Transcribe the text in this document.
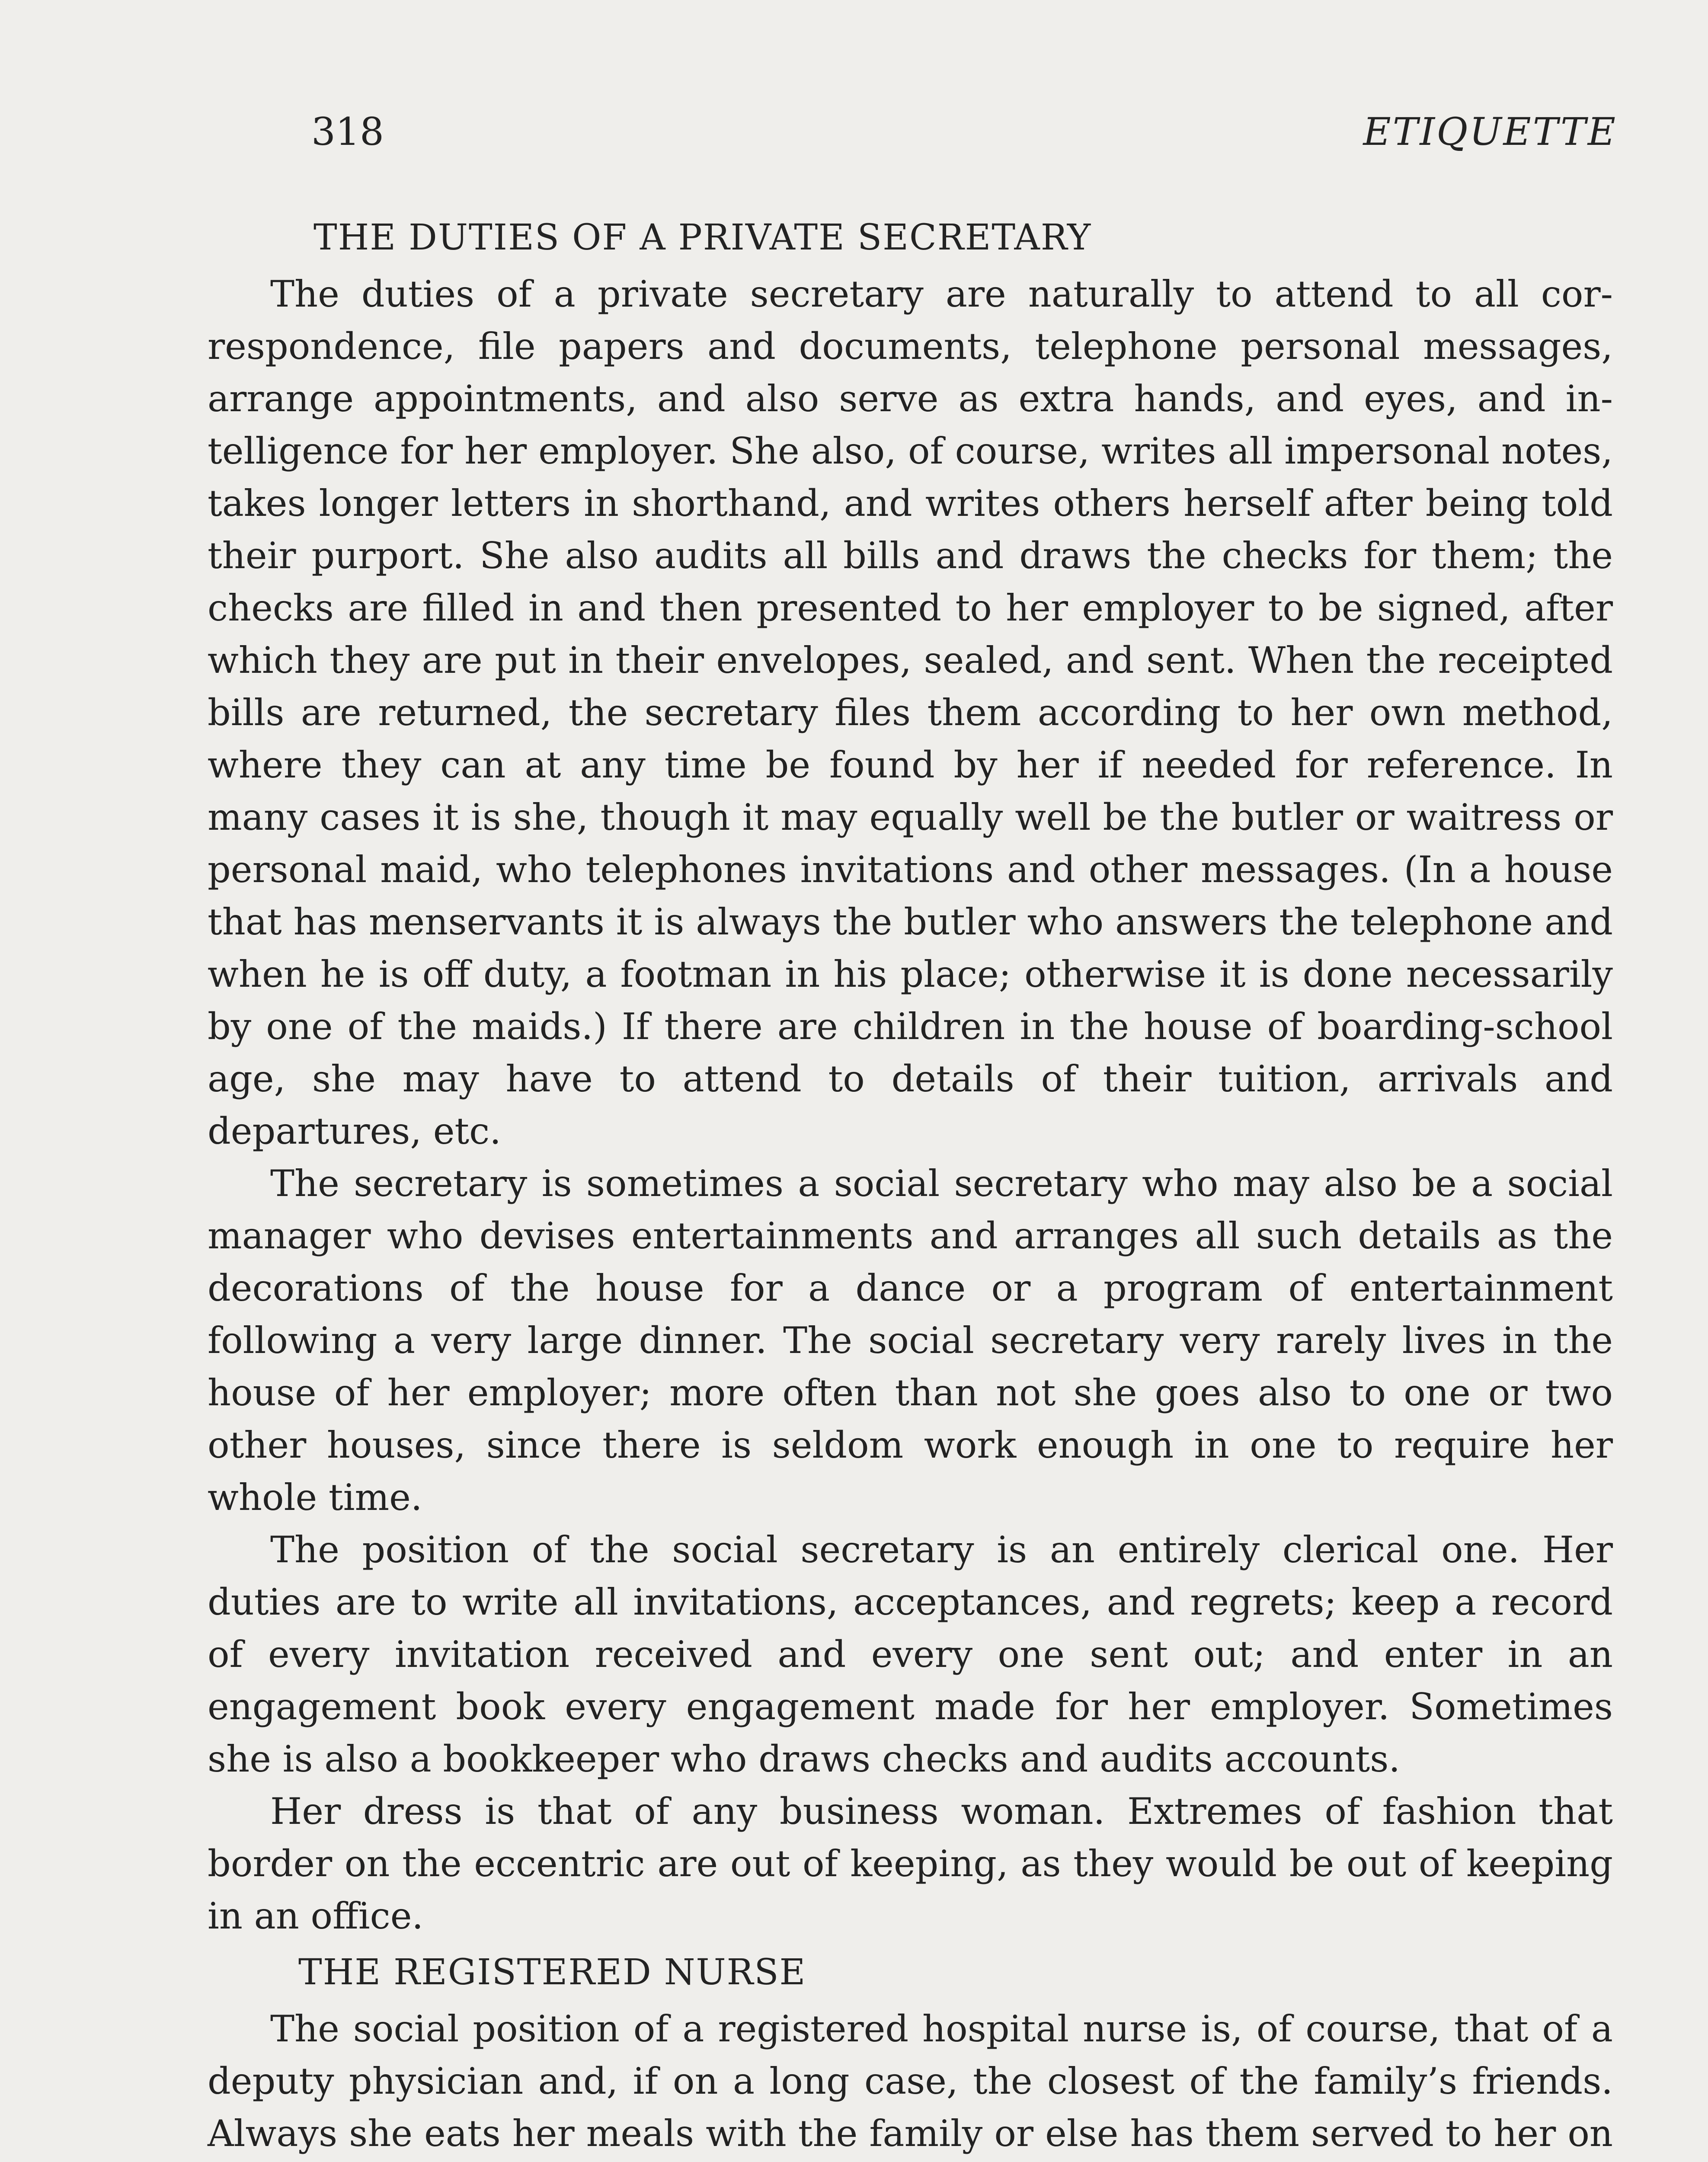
318	ETIQUETTE
THE DUTIES OF A PRIVATE SECRETARY

The duties of a private secretary are naturally to attend to all correspondence, file papers and documents, telephone personal messages, arrange appointments, and also serve as extra hands, and eyes, and intelligence for her employer. She also, of course, writes all impersonal notes, takes longer letters in shorthand, and writes others herself after being told their purport. She also audits all bills and draws the checks for them; the checks are filled in and then presented to her employer to be signed, after which they are put in their envelopes, sealed, and sent. When the receipted bills are returned, the secretary files them according to her own method, where they can at any time be found by her if needed for reference. In many cases it is she, though it may equally well be the butler or waitress or personal maid, who telephones invitations and other messages. (In a house that has menservants it is always the butler who answers the telephone and when he is off duty, a footman in his place; otherwise it is done necessarily by one of the maids.) If there are children in the house of boarding-school age, she may have to attend to details of their tuition, arrivals and departures, etc.

The secretary is sometimes a social secretary who may also be a social manager who devises entertainments and arranges all such details as the decorations of the house for a dance or a program of entertainment following a very large dinner. The social secretary very rarely lives in the house of her employer; more often than not she goes also to one or two other houses, since there is seldom work enough in one to require her whole time.

The position of the social secretary is an entirely clerical one. Her duties are to write all invitations, acceptances, and regrets; keep a record of every invitation received and every one sent out; and enter in an engagement book every engagement made for her employer. Sometimes she is also a bookkeeper who draws checks and audits accounts.

Her dress is that of any business woman. Extremes of fashion that border on the eccentric are out of keeping, as they would be out of keeping in an office.

THE REGISTERED NURSE

The social position of a registered hospital nurse is, of course, that of a deputy physician and, if on a long case, the closest of the family’s friends. Always she eats her meals with the family or else has them served to her on
